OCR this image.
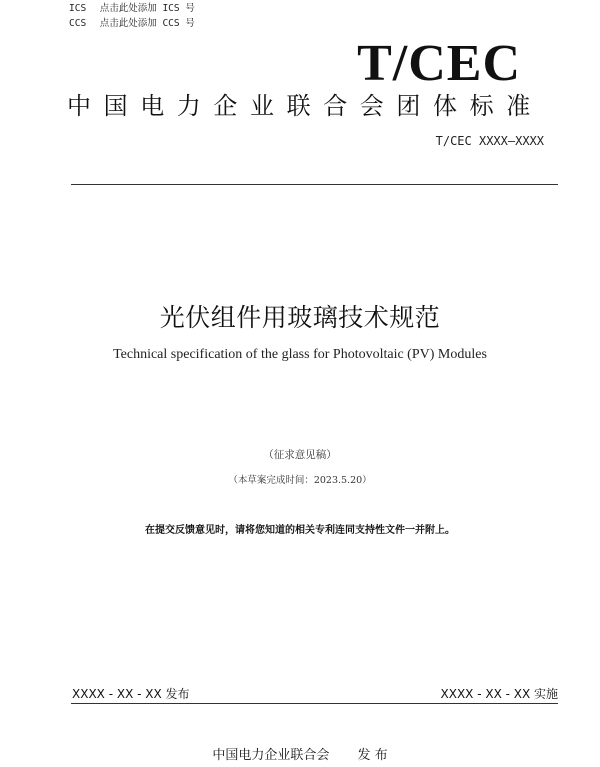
ICS 点击此处添加 ICS 号
CCS 点击此处添加 CCS 号
T/CEC
中国电力企业联合会团体标准
T/CEC XXXX—XXXX
光伏组件用玻璃技术规范
Technical specification of the glass for Photovoltaic (PV) Modules
（征求意见稿）
（本草案完成时间：2023.5.20）
在提交反馈意见时，请将您知道的相关专利连同支持性文件一并附上。
XXXX - XX - XX 发布	XXXX - XX - XX 实施
中国电力企业联合会 发 布
